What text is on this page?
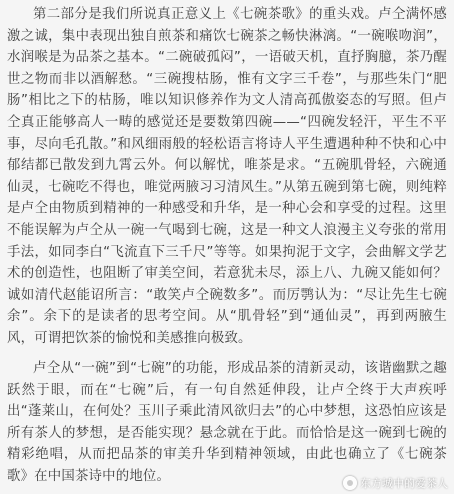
第二部分是我们所说真正意义上《七碗茶歌》的重头戏。卢仝满怀感激之诚，集中表现出独自煎茶和痛饮七碗茶之畅快淋漓。“一碗喉吻润”，水润喉是为品茶之基本。“二碗破孤闷”，一语破天机，直抒胸臆，茶乃醒世之物而非以酒解愁。“三碗搜枯肠，惟有文字三千卷”，与那些朱门“肥肠”相比之下的枯肠，唯以知识修养作为文人清高孤傲姿态的写照。但卢仝真正能够高人一畴的感觉还是要数第四碗——“四碗发轻汗，平生不平事，尽向毛孔散。”和风细雨般的轻松语言将诗人平生遭遇种种不快和心中郁结都已散发到九霄云外。何以解忧，唯茶是求。“五碗肌骨轻，六碗通仙灵，七碗吃不得也，唯觉两腋习习清风生。”从第五碗到第七碗，则纯粹是卢仝由物质到精神的一种感受和升华，是一种心会和享受的过程。这里不能误解为卢仝从一碗一气喝到七碗，这是一种文人浪漫主义夸张的常用手法，如同李白“飞流直下三千尺”等等。如果拘泥于文字，会曲解文学艺术的创造性，也阻断了审美空间，若意犹未尽，添上八、九碗又能如何？诚如清代赵能诏所言：“敢笑卢仝碗数多”。而厉鹗认为：“尽让先生七碗余”。余下的是读者的思考空间。从“肌骨轻”到“通仙灵”，再到两腋生风，可谓把饮茶的愉悦和美感推向极致。

卢仝从“一碗”到“七碗”的功能，形成品茶的清新灵动，该谐幽默之趣跃然于眼，而在“七碗”后，有一句自然延伸段，让卢仝终于大声疾呼出“蓬莱山，在何处？玉川子乘此清风欲归去”的心中梦想，这恐怕应该是所有茶人的梦想，是否能实现？悬念就在于此。而恰恰是这一碗到七碗的精彩绝唱，从而把品茶的审美升华到精神领域，由此也确立了《七碗茶歌》在中国茶诗中的地位。	东方城中的爱茶人
